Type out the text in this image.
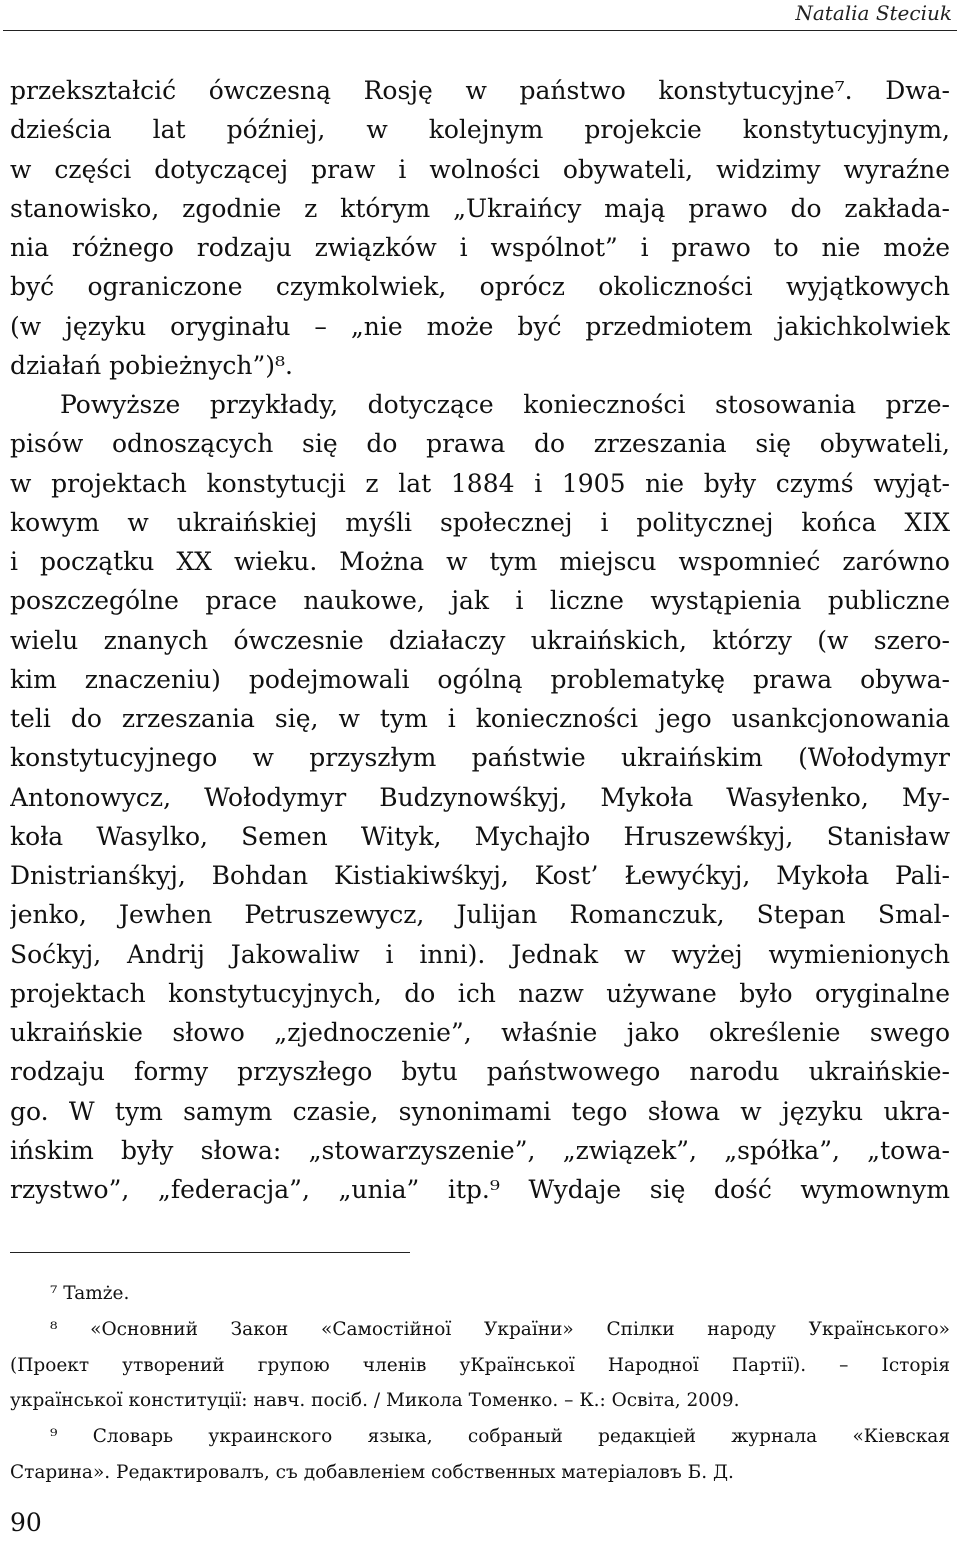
Natalia Steciuk
przekształcić ówczesną Rosję w państwo konstytucyjne⁷. Dwa-
dzieścia lat później, w kolejnym projekcie konstytucyjnym,
w części dotyczącej praw i wolności obywateli, widzimy wyraźne
stanowisko, zgodnie z którym „Ukraińcy mają prawo do zakłada-
nia różnego rodzaju związków i wspólnot” i prawo to nie może
być ograniczone czymkolwiek, oprócz okoliczności wyjątkowych
(w języku oryginału – „nie może być przedmiotem jakichkolwiek
działań pobieżnych”)⁸.
Powyższe przykłady, dotyczące konieczności stosowania prze-
pisów odnoszących się do prawa do zrzeszania się obywateli,
w projektach konstytucji z lat 1884 i 1905 nie były czymś wyjąt-
kowym w ukraińskiej myśli społecznej i politycznej końca XIX
i początku XX wieku. Można w tym miejscu wspomnieć zarówno
poszczególne prace naukowe, jak i liczne wystąpienia publiczne
wielu znanych ówczesnie działaczy ukraińskich, którzy (w szero-
kim znaczeniu) podejmowali ogólną problematykę prawa obywa-
teli do zrzeszania się, w tym i konieczności jego usankcjonowania
konstytucyjnego w przyszłym państwie ukraińskim (Wołodymyr
Antonowycz, Wołodymyr Budzynowśkyj, Mykoła Wasyłenko, My-
koła Wasylko, Semen Wityk, Mychajło Hruszewśkyj, Stanisław
Dnistrianśkyj, Bohdan Kistiakiwśkyj, Kost’ Łewyćkyj, Mykoła Pali-
jenko, Jewhen Petruszewycz, Julijan Romanczuk, Stepan Smal-
Soćkyj, Andrij Jakowaliw i inni). Jednak w wyżej wymienionych
projektach konstytucyjnych, do ich nazw używane było oryginalne
ukraińskie słowo „zjednoczenie”, właśnie jako określenie swego
rodzaju formy przyszłego bytu państwowego narodu ukraińskie-
go. W tym samym czasie, synonimami tego słowa w języku ukra-
ińskim były słowa: „stowarzyszenie”, „związek”, „spółka”, „towa-
rzystwo”, „federacja”, „unia” itp.⁹ Wydaje się dość wymownym
⁷ Tamże.
⁸ «Основний Закон «Самостійної України» Спілки народу Українського»
(Проект утворений групою членів уКраїнської Народної Партії). – Історія
української конституції: навч. посіб. / Микола Томенко. – К.: Освіта, 2009.
⁹ Словарь украинского языка, собраный редакцiей журнала «Кiевская
Старина». Редактировалъ, съ добавленiем собственных матерiаловъ Б. Д.
90
